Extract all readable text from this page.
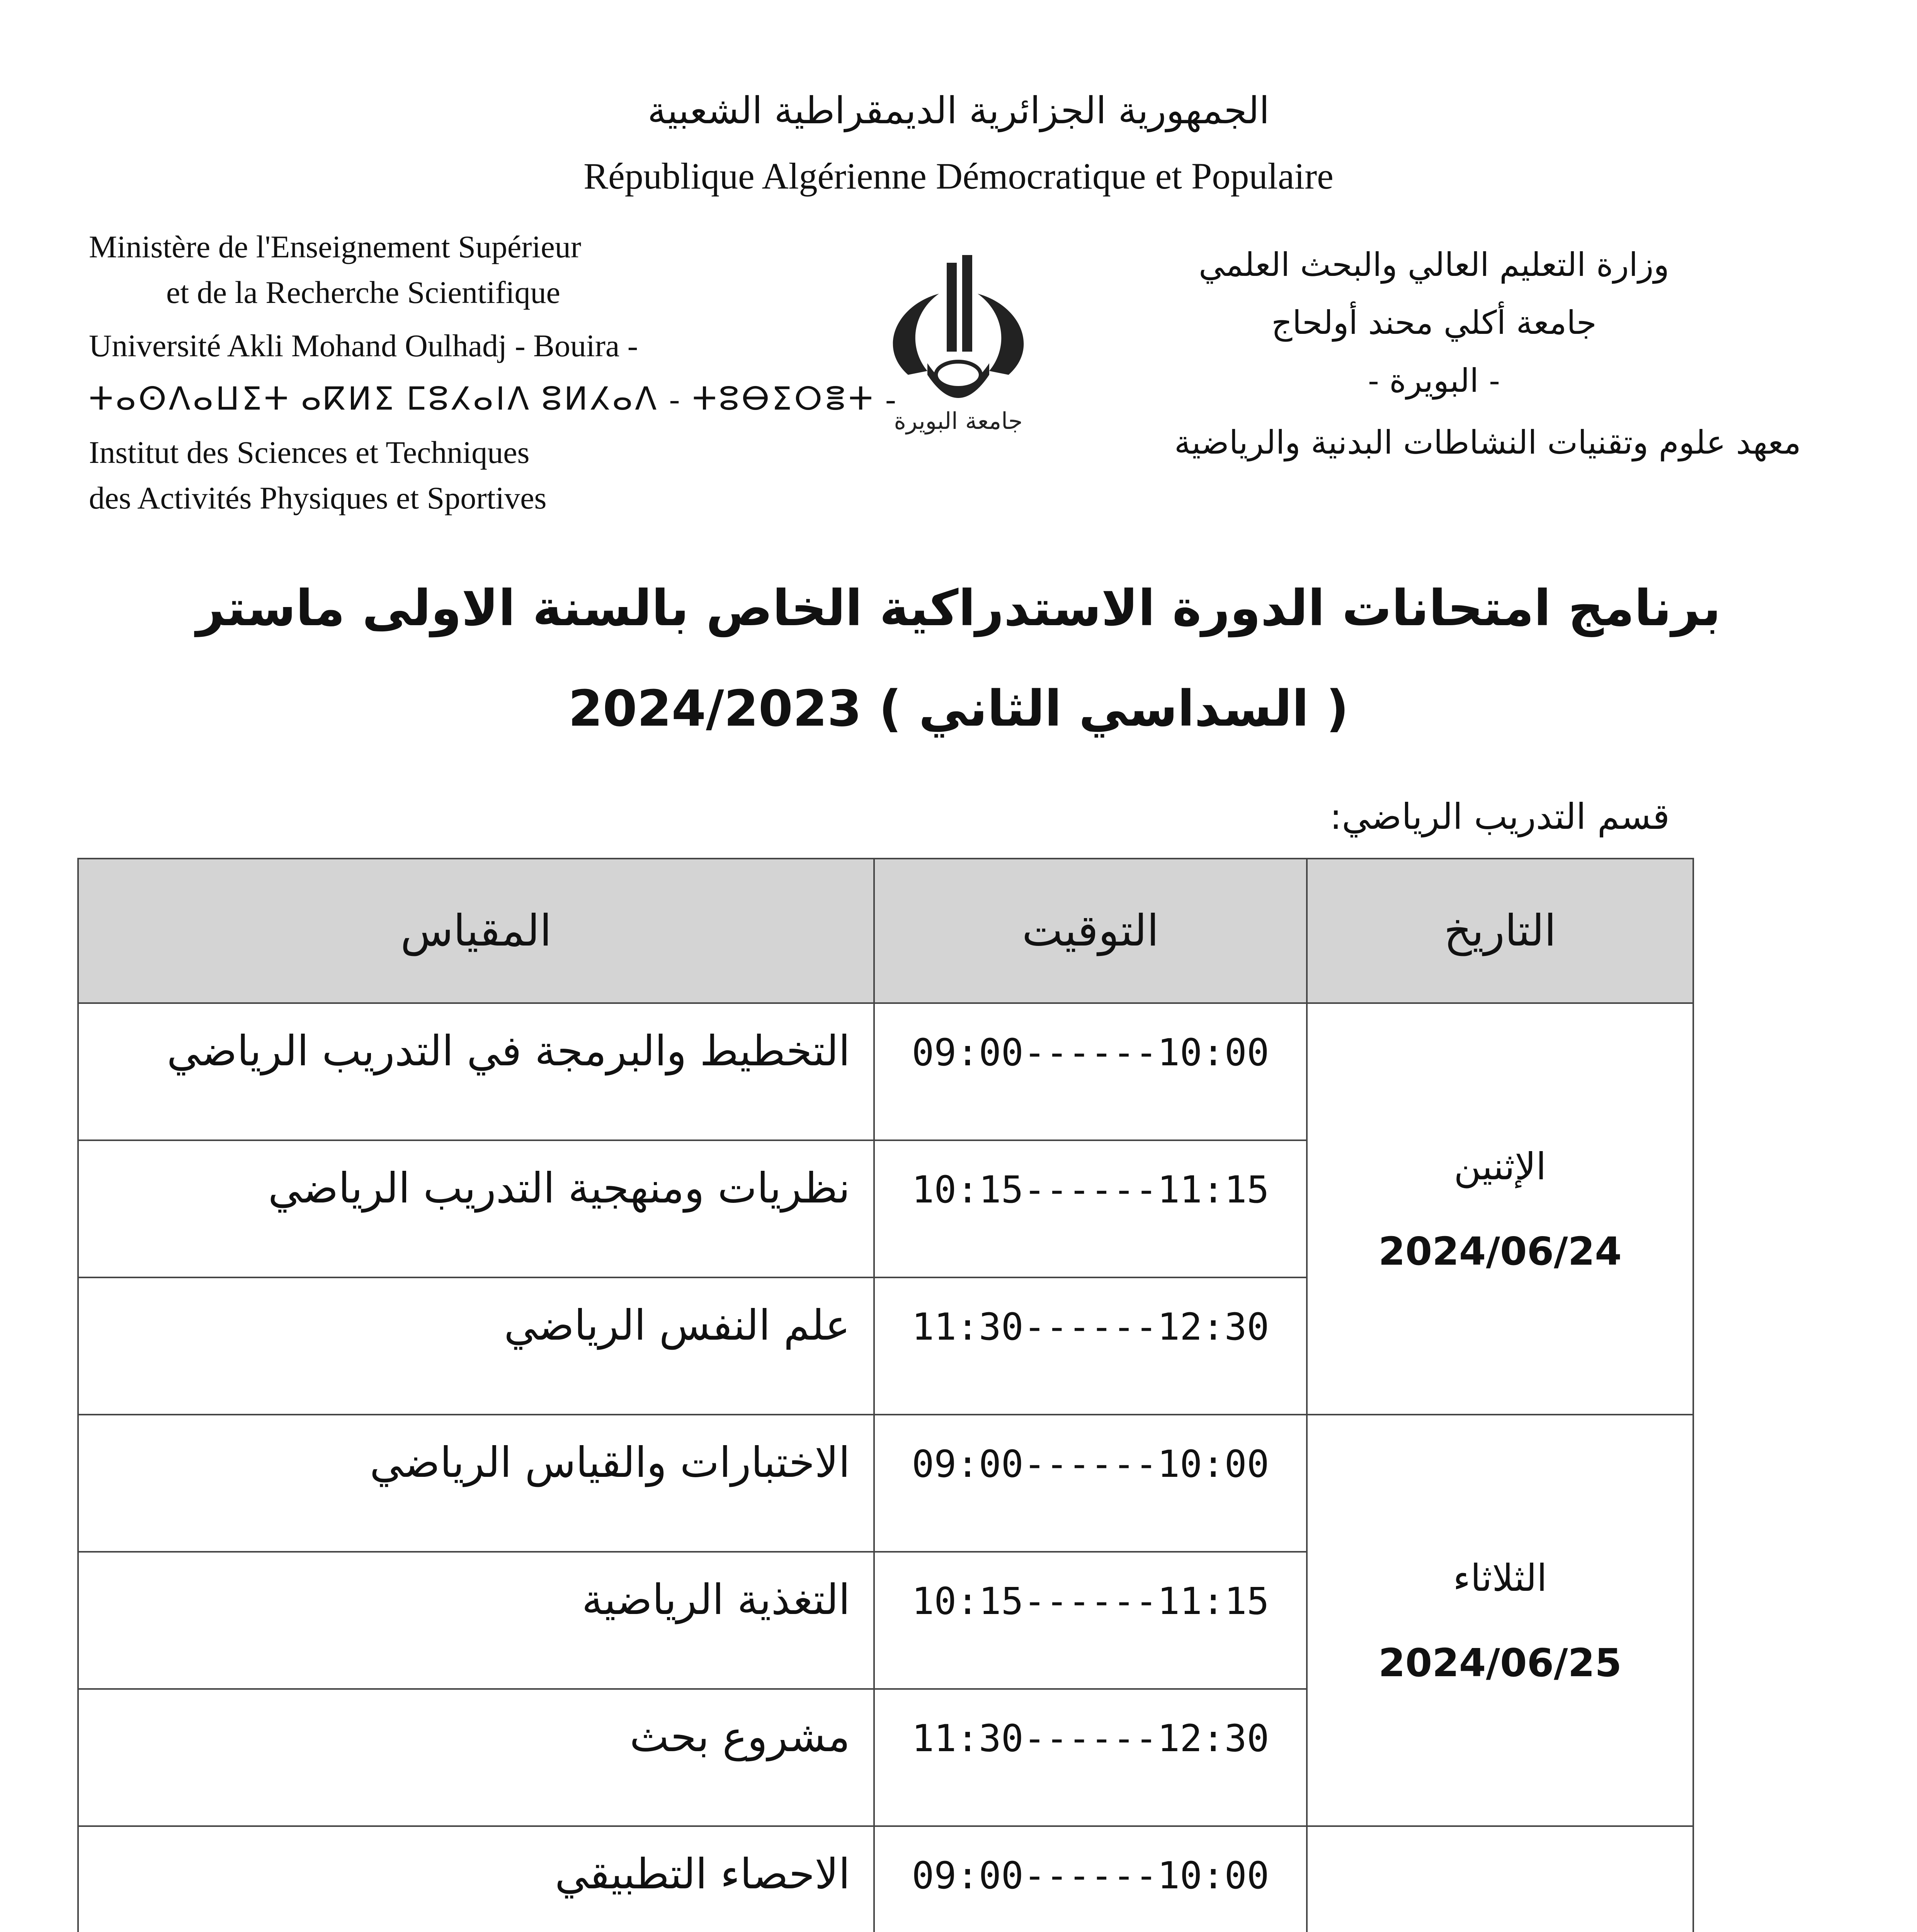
الجمهورية الجزائرية الديمقراطية الشعبية
République Algérienne Démocratique et Populaire
Ministère de l'Enseignement Supérieur
et de la Recherche Scientifique
Université Akli Mohand Oulhadj - Bouira -
ⵜⴰⵙⴷⴰⵡⵉⵜ ⴰⴽⵍⵉ ⵎⵓⵃⴰⵏⴷ ⵓⵍⵃⴰⴷ - ⵜⵓⴱⵉⵔⴻⵜ -
Institut des Sciences et Techniques
des Activités Physiques et Sportives
وزارة التعليم العالي والبحث العلمي
جامعة أكلي محند أولحاج
- البويرة -
معهد علوم وتقنيات النشاطات البدنية والرياضية
جامعة البويرة
برنامج امتحانات الدورة الاستدراكية الخاص بالسنة الاولى ماستر
( السداسي الثاني ) 2024/2023
قسم التدريب الرياضي:
التاريخ	التوقيت	المقياس

الإثنين
2024/06/24	09:00------10:00	التخطيط والبرمجة في التدريب الرياضي
	10:15------11:15	نظريات ومنهجية التدريب الرياضي
	11:30------12:30	علم النفس الرياضي

الثلاثاء
2024/06/25	09:00------10:00	الاختبارات والقياس الرياضي
	10:15------11:15	التغذية الرياضية
	11:30------12:30	مشروع بحث

	09:00------10:00	الاحصاء التطبيقي
